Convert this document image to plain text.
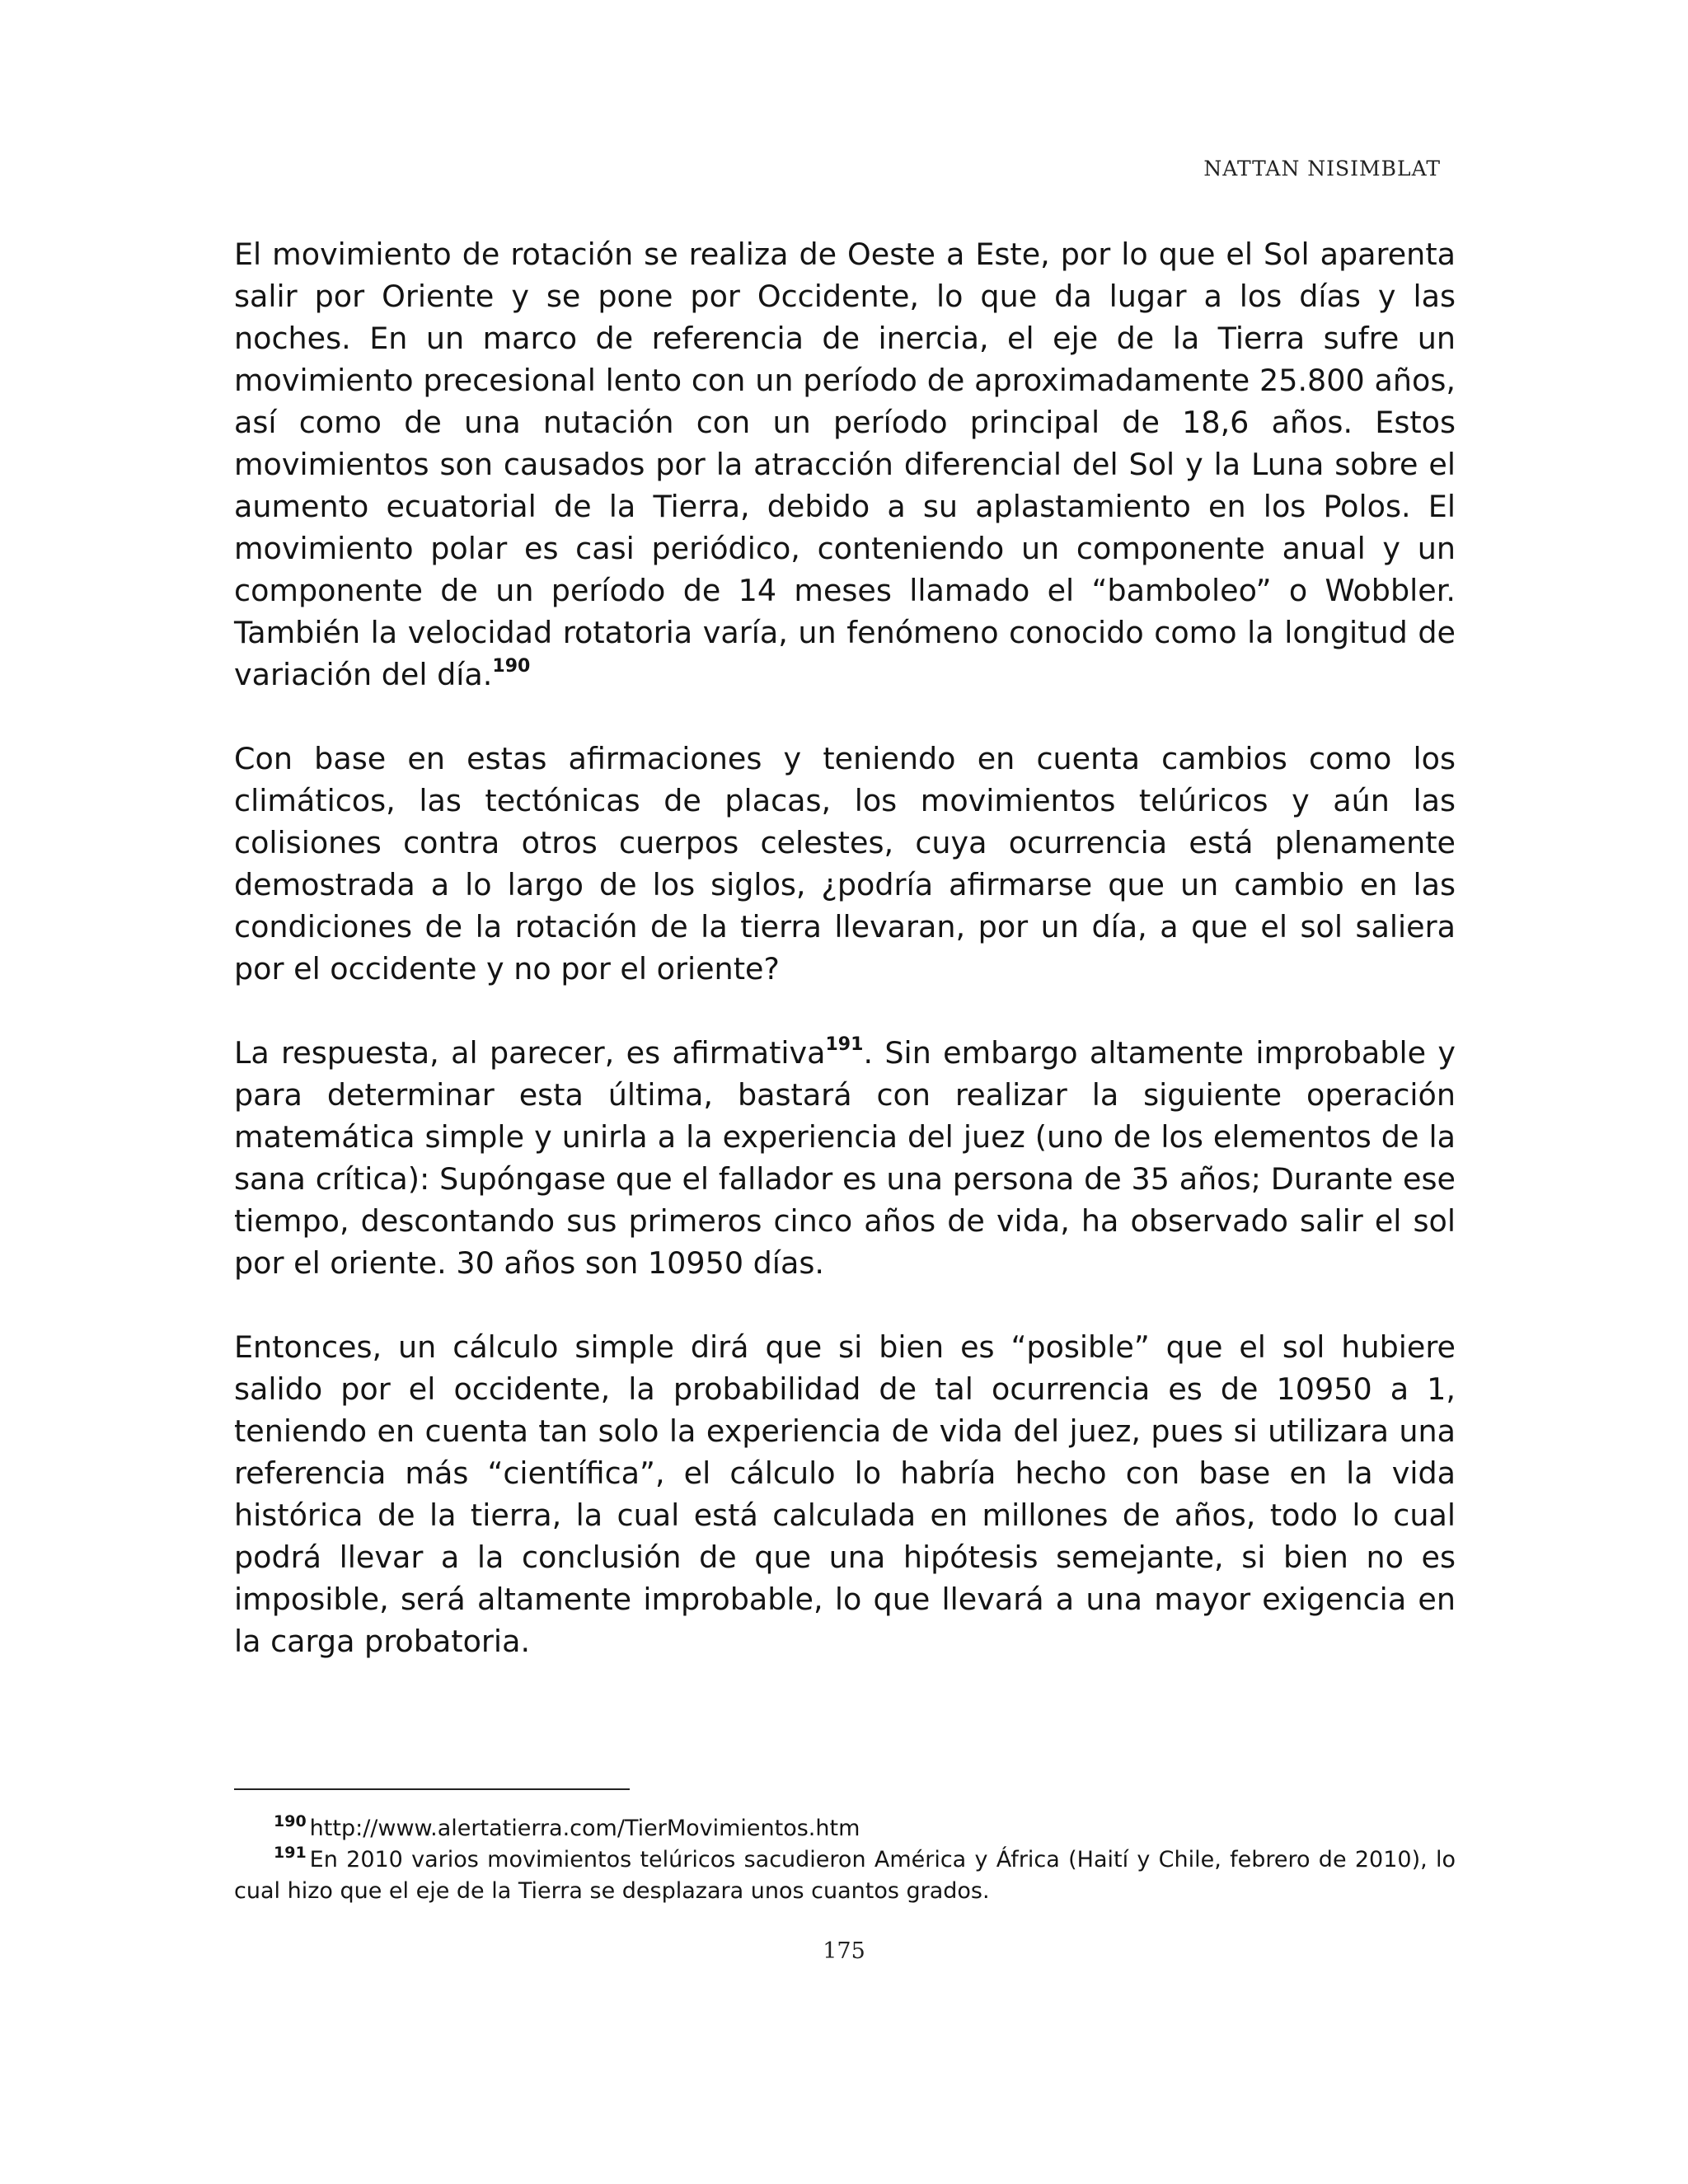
NATTAN NISIMBLAT

El movimiento de rotación se realiza de Oeste a Este, por lo que el Sol aparenta salir por Oriente y se pone por Occidente, lo que da lugar a los días y las noches. En un marco de referencia de inercia, el eje de la Tierra sufre un movimiento precesional lento con un período de aproximadamente 25.800 años, así como de una nutación con un período principal de 18,6 años. Estos movimientos son causados por la atracción diferencial del Sol y la Luna sobre el aumento ecuatorial de la Tierra, debido a su aplastamiento en los Polos. El movimiento polar es casi periódico, conteniendo un componente anual y un componente de un período de 14 meses llamado el “bamboleo” o Wobbler. También la velocidad rotatoria varía, un fenómeno conocido como la longitud de variación del día.$^{190}$

Con base en estas afirmaciones y teniendo en cuenta cambios como los climáticos, las tectónicas de placas, los movimientos telúricos y aún las colisiones contra otros cuerpos celestes, cuya ocurrencia está plenamente demostrada a lo largo de los siglos, ¿podría afirmarse que un cambio en las condiciones de la rotación de la tierra llevaran, por un día, a que el sol saliera por el occidente y no por el oriente?

La respuesta, al parecer, es afirmativa$^{191}$. Sin embargo altamente improbable y para determinar esta última, bastará con realizar la siguiente operación matemática simple y unirla a la experiencia del juez (uno de los elementos de la sana crítica): Supóngase que el fallador es una persona de 35 años; Durante ese tiempo, descontando sus primeros cinco años de vida, ha observado salir el sol por el oriente. 30 años son 10950 días.

Entonces, un cálculo simple dirá que si bien es “posible” que el sol hubiere salido por el occidente, la probabilidad de tal ocurrencia es de 10950 a 1, teniendo en cuenta tan solo la experiencia de vida del juez, pues si utilizara una referencia más “científica”, el cálculo lo habría hecho con base en la vida histórica de la tierra, la cual está calculada en millones de años, todo lo cual podrá llevar a la conclusión de que una hipótesis semejante, si bien no es imposible, será altamente improbable, lo que llevará a una mayor exigencia en la carga probatoria.

$^{190}$ http://www.alertatierra.com/TierMovimientos.htm

$^{191}$ En 2010 varios movimientos telúricos sacudieron América y África (Haití y Chile, febrero de 2010), lo cual hizo que el eje de la Tierra se desplazara unos cuantos grados.

175
